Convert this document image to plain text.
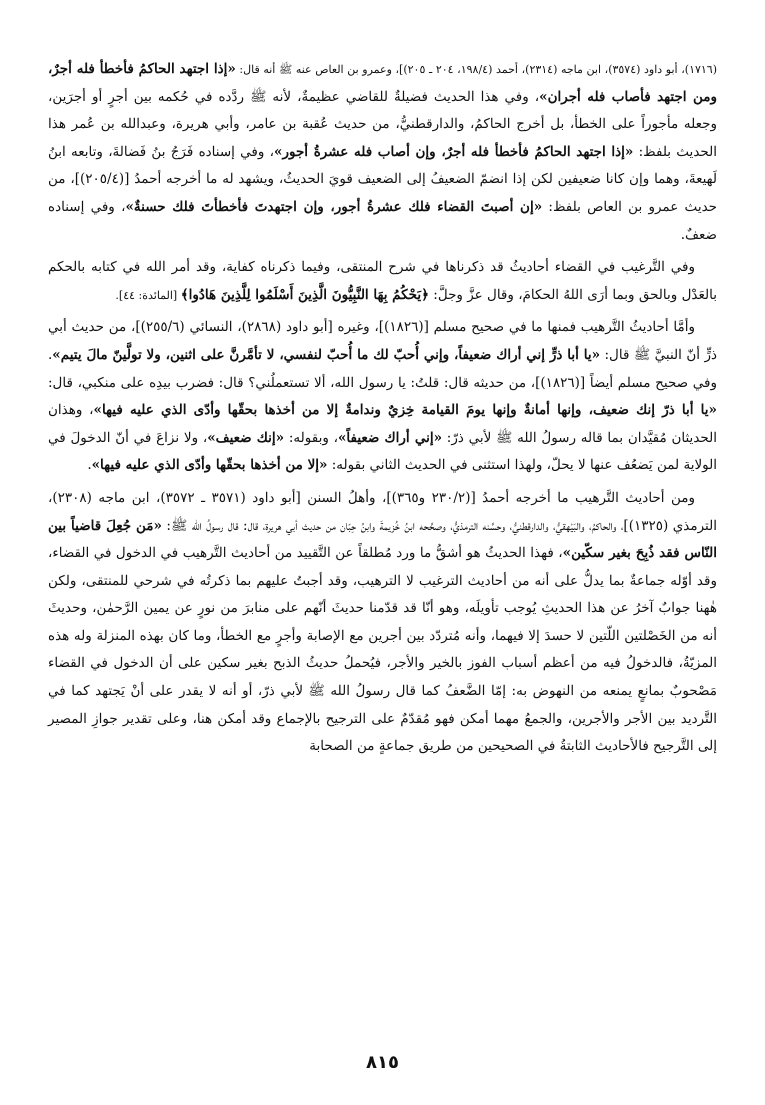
(١٧١٦)، أبو داود (٣٥٧٤)، ابن ماجه (٢٣١٤)، أحمد (١٩٨/٤، ٢٠٤ ـ ٢٠٥)]، وعمرو بن العاص عنه ﷺ أنه قال: «إذا اجتهد الحاكمُ فأخطأ فله أجرٌ، ومن اجتهد فأصاب فله أجران»، وفي هذا الحديث فضيلةٌ للقاضي عظيمةٌ، لأنه ﷺ ردَّده في حُكمه بين أجرٍ أو أجرَين، وجعله مأجوراً على الخطأ، بل أخرج الحاكمُ، والدارقطنيُّ، من حديث عُقبة بن عامر، وأبي هريرة، وعبدالله بن عُمر هذا الحديث بلفظ: «إذا اجتهد الحاكمُ فأخطأ فله أجرٌ، وإن أصاب فله عشرةُ أجور»، وفي إسناده فَرَجُ بنُ فَضالةَ، وتابعه ابنُ لَهيعةَ، وهما وإن كانا ضعيفين لكن إذا انضمّ الضعيفُ إلى الضعيف قويَ الحديثُ، ويشهد له ما أخرجه أحمدُ [(٢٠٥/٤)]، من حديث عمرو بن العاص بلفظ: «إن أصبتَ القضاء فلك عشرةُ أجور، وإن اجتهدتَ فأخطأتَ فلك حسنةٌ»، وفي إسناده ضعفٌ.

وفي التَّرغيب في القضاء أحاديثُ قد ذكرناها في شرح المنتقى، وفيما ذكرناه كفاية، وقد أمر الله في كتابه بالحكم بالعَدْل وبالحق وبما أرَى اللهُ الحكامَ، وقال عزَّ وجلَّ: ﴿يَحْكُمُ بِهَا النَّبِيُّونَ الَّذِينَ أَسْلَمُوا لِلَّذِينَ هَادُوا﴾ [المائدة: ٤٤].

وأمَّا أحاديثُ التَّرهيب فمنها ما في صحيح مسلم [(١٨٢٦)]، وغيره [أبو داود (٢٨٦٨)، النسائي (٢٥٥/٦)]، من حديث أبي ذرٍّ أنّ النبيَّ ﷺ قال: «يا أبا ذرٍّ إني أراك ضعيفاً، وإني أُحبّ لك ما أُحبّ لنفسي، لا تأمَّرنَّ على اثنين، ولا تولَّينّ مالَ يتيم». وفي صحيح مسلم أيضاً [(١٨٢٦)]، من حديثه قال: قلتُ: يا رسول الله، ألا تستعملُني؟ قال: فضرب بيدِه على منكبي، قال: «يا أبا ذرّ إنك ضعيف، وإنها أمانةٌ وإنها يومَ القيامة خِزيٌ وندامةٌ إلا من أخذها بحقّها وأدّى الذي عليه فيها»، وهذان الحديثان مُقيَّدان بما قاله رسولُ الله ﷺ لأبي ذرّ: «إني أراك ضعيفاً»، وبقوله: «إنك ضعيف»، ولا نزاعَ في أنّ الدخولَ في الولاية لمن يَضعُف عنها لا يحلّ، ولهذا استثنى في الحديث الثاني بقوله: «إلا من أخذها بحقّها وأدّى الذي عليه فيها».

ومن أحاديث التَّرهيب ما أخرجه أحمدُ [(٢٣٠/٢ و٣٦٥)]، وأهلُ السنن [أبو داود (٣٥٧١ ـ ٣٥٧٢)، ابن ماجه (٢٣٠٨)، الترمذي (١٣٢٥)]، والحاكمُ، والبَيْهقيُّ، والدارقطنيُّ، وحسَّنه الترمذيُّ، وصحَّحه ابنُ خُزيمةَ وابنُ حِبّان من حديث أبي هريرة، قال: قال رسولُ الله ﷺ: «مَن جُعِلَ قاضياً بين النّاس فقد ذُبِحَ بغير سكّين»، فهذا الحديثُ هو أشقُّ ما ورد مُطلقاً عن التَّقييد من أحاديث التَّرهيب في الدخول في القضاء، وقد أوّله جماعةٌ بما يدلُّ على أنه من أحاديث الترغيب لا الترهيب، وقد أجبتُ عليهم بما ذكرتُه في شرحي للمنتقى، ولكن هٰهنا جوابٌ آخرُ عن هذا الحديثِ يُوجب تأويلَه، وهو أنّا قد قدّمنا حديثَ أنّهم على منابرَ من نورٍ عن يمين الرَّحمٰن، وحديثَ أنه من الخَصْلتين اللّتين لا حسدَ إلا فيهما، وأنه مُتردّد بين أجرين مع الإصابة وأجرٍ مع الخطأ، وما كان بهذه المنزلة وله هذه المزيّةُ، فالدخولُ فيه من أعظم أسباب الفوز بالخير والأجر، فيُحملُ حديثُ الذبح بغير سكين على أن الدخول في القضاء مَصْحوبٌ بمانعٍ يمنعه من النهوض به: إمّا الضَّعفُ كما قال رسولُ الله ﷺ لأبي ذرّ، أو أنه لا يقدر على أنْ يَجتهد كما في التَّرديد بين الأجر والأجرين، والجمعُ مهما أمكن فهو مُقدّمٌ على الترجيح بالإجماع وقد أمكن هنا، وعلى تقدير جوازِ المصير إلى التَّرجيح فالأحاديث الثابتةُ في الصحيحين من طريق جماعةٍ من الصحابة

٨١٥
